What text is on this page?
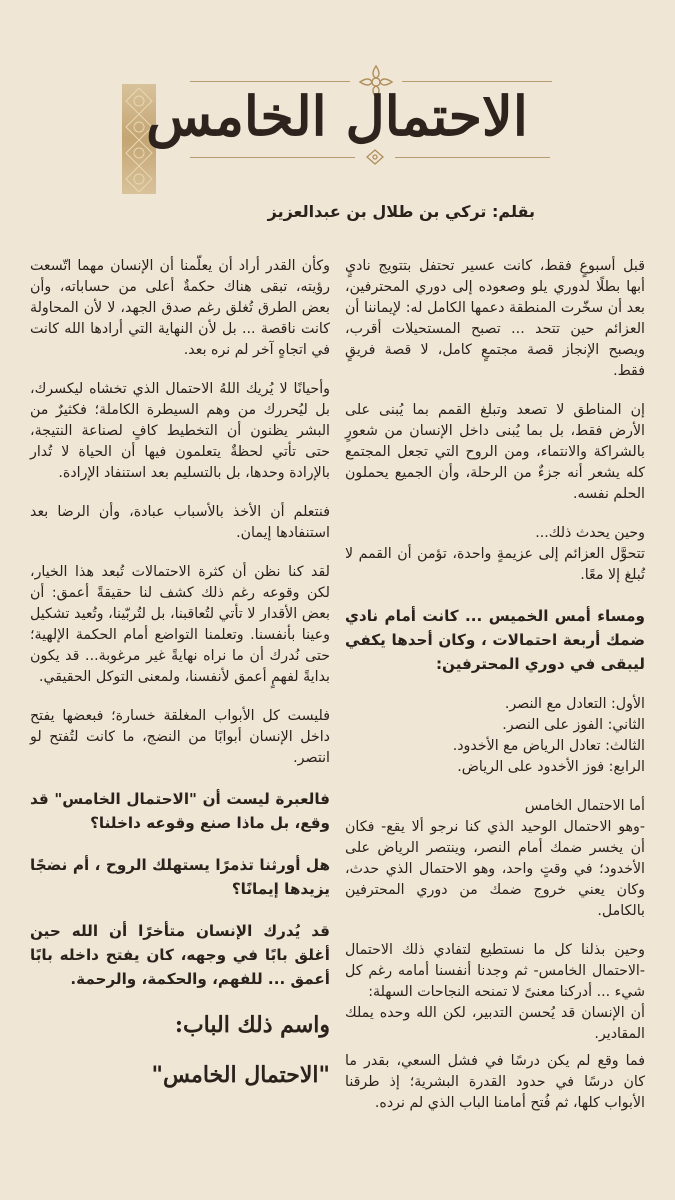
الاحتمال الخامس
بقلم: تركي بن طلال بن عبدالعزيز

قبل أسبوعٍ فقط، كانت عسير تحتفل بتتويج ناديٍ أبها بطلًا لدوري يلو وصعوده إلى دوري المحترفين، بعد أن سخّرت المنطقة دعمها الكامل له: لإيماننا أن العزائم حين تتحد ... تصبح المستحيلات أقرب، ويصبح الإنجاز قصة مجتمعٍ كامل، لا قصة فريقٍ فقط.

إن المناطق لا تصعد وتبلغ القمم بما يُبنى على الأرض فقط، بل بما يُبنى داخل الإنسان من شعورٍ بالشراكة والانتماء، ومن الروح التي تجعل المجتمع كله يشعر أنه جزءٌ من الرحلة، وأن الجميع يحملون الحلم نفسه.

وحين يحدث ذلك...

تتحوَّل العزائم إلى عزيمةٍ واحدة، تؤمن أن القمم لا تُبلغ إلا معًا.

ومساء أمس الخميس ... كانت أمام نادي ضمك أربعة احتمالات ، وكان أحدها يكفي ليبقى في دوري المحترفين:

الأول: التعادل مع النصر.

الثاني: الفوز على النصر.

الثالث: تعادل الرياض مع الأخدود.

الرابع: فوز الأخدود على الرياض.

أما الاحتمال الخامس

-وهو الاحتمال الوحيد الذي كنا نرجو ألا يقع- فكان أن يخسر ضمك أمام النصر، وينتصر الرياض على الأخدود؛ في وقتٍ واحد، وهو الاحتمال الذي حدث، وكان يعني خروج ضمك من دوري المحترفين بالكامل.

وحين بذلنا كل ما نستطيع لتفادي ذلك الاحتمال -الاحتمال الخامس- ثم وجدنا أنفسنا أمامه رغم كل شيء ... أدركنا معنىً لا تمنحه النجاحات السهلة:

أن الإنسان قد يُحسن التدبير، لكن الله وحده يملك المقادير.

فما وقع لم يكن درسًا في فشل السعي، بقدر ما كان درسًا في حدود القدرة البشرية؛ إذ طرقنا الأبواب كلها، ثم فُتح أمامنا الباب الذي لم نرده.

وكأن القدر أراد أن يعلّمنا أن الإنسان مهما اتّسعت رؤيته، تبقى هناك حكمةٌ أعلى من حساباته، وأن بعض الطرق تُغلق رغم صدق الجهد، لا لأن المحاولة كانت ناقصة ... بل لأن النهاية التي أرادها الله كانت في اتجاهٍ آخر لم نره بعد.

وأحيانًا لا يُريك اللهُ الاحتمال الذي تخشاه ليكسرك، بل ليُحررك من وهم السيطرة الكاملة؛ فكثيرٌ من البشر يظنون أن التخطيط كافٍ لصناعة النتيجة، حتى تأتي لحظةٌ يتعلمون فيها أن الحياة لا تُدار بالإرادة وحدها، بل بالتسليم بعد استنفاد الإرادة.

فنتعلم أن الأخذ بالأسباب عبادة، وأن الرضا بعد استنفادها إيمان.

لقد كنا نظن أن كثرة الاحتمالات تُبعد هذا الخيار، لكن وقوعه رغم ذلك كشف لنا حقيقةً أعمق: أن بعض الأقدار لا تأتي لتُعاقبنا، بل لتُربّينا، وتُعيد تشكيل وعينا بأنفسنا. وتعلمنا التواضع أمام الحكمة الإلهية؛ حتى نُدرك أن ما نراه نهايةً غير مرغوبة... قد يكون بدايةً لفهمٍ أعمق لأنفسنا، ولمعنى التوكل الحقيقي.

فليست كل الأبواب المغلقة خسارة؛ فبعضها يفتح داخل الإنسان أبوابًا من النضج، ما كانت لتُفتح لو انتصر.

فالعبرة ليست أن "الاحتمال الخامس" قد وقع، بل ماذا صنع وقوعه داخلنا؟

هل أورثنا تذمرًا يستهلك الروح ، أم نضجًا يزيدها إيمانًا؟

قد يُدرك الإنسان متأخرًا أن الله حين أغلق بابًا في وجهه، كان يفتح داخله بابًا أعمق ... للفهم، والحكمة، والرحمة.

واسم ذلك الباب:

"الاحتمال الخامس"
